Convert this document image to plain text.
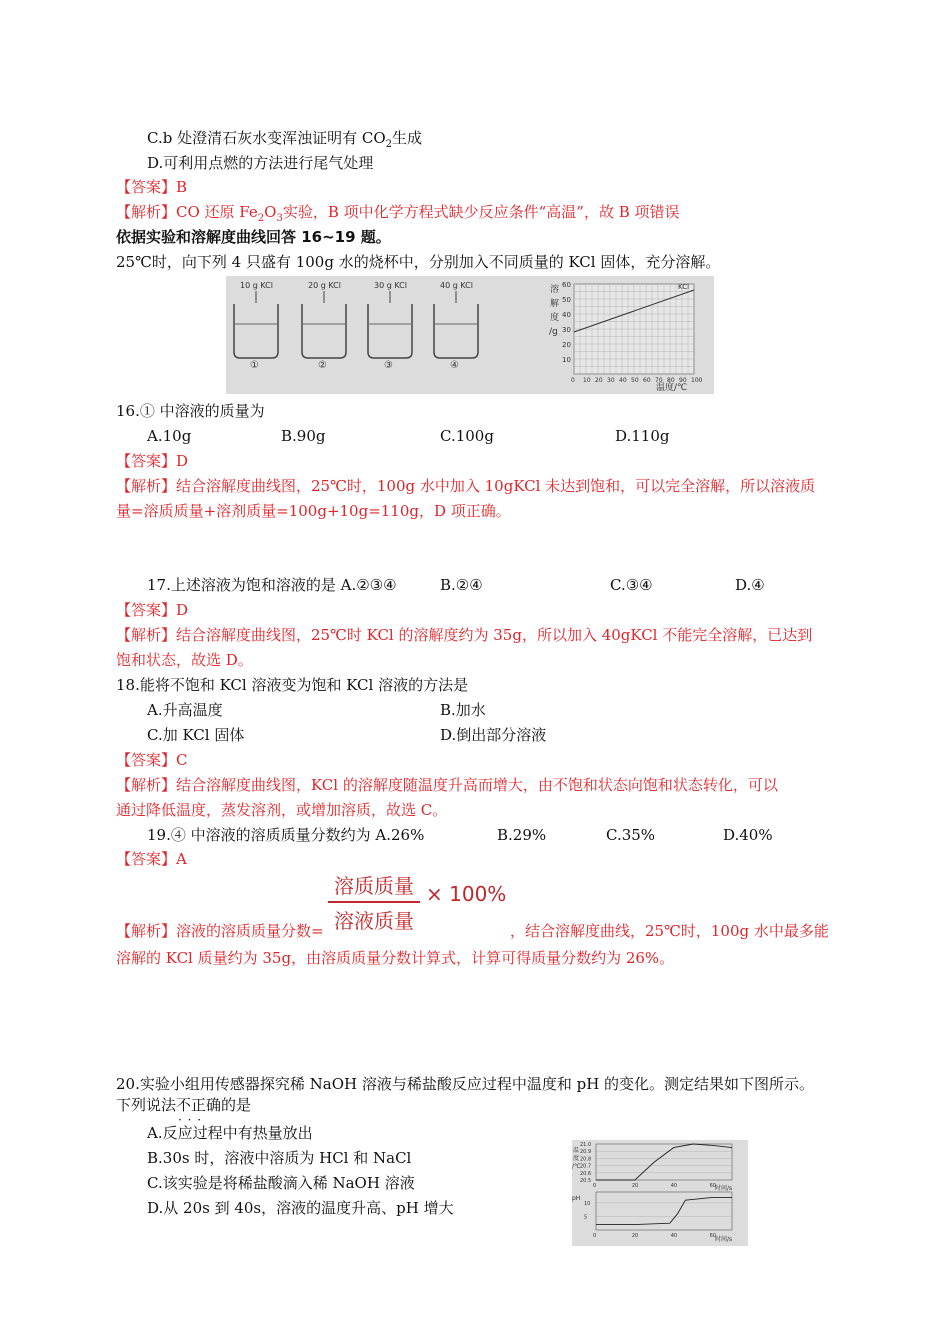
C.b 处澄清石灰水变浑浊证明有 $CO_2$生成
D.可利用点燃的方法进行尾气处理
【答案】B
【解析】CO 还原 $Fe_2O_3$实验，B 项中化学方程式缺少反应条件“高温”，故 B 项错误
依据实验和溶解度曲线回答 16~19 题。
25℃时，向下列 4 只盛有 100g 水的烧杯中，分别加入不同质量的 KCl 固体，充分溶解。
10 g KCl
①
20 g KCl
②
30 g KCl
③
40 g KCl
④
溶
解
度
/g
温度/℃
10
20
30
40
50
60
0 10 20 30 40 50 60 70 80 90 100
KCl
16.① 中溶液的质量为
A.10g	B.90g	C.100g	D.110g
【答案】D
【解析】结合溶解度曲线图，25℃时，100g 水中加入 10gKCl 未达到饱和，可以完全溶解，所以溶液质
量=溶质质量+溶剂质量=100g+10g=110g，D 项正确。
17.上述溶液为饱和溶液的是 A.②③④	B.②④	C.③④	D.④
【答案】D
【解析】结合溶解度曲线图，25℃时 KCl 的溶解度约为 35g，所以加入 40gKCl 不能完全溶解，已达到
饱和状态，故选 D。
18.能将不饱和 KCl 溶液变为饱和 KCl 溶液的方法是
A.升高温度	B.加水
C.加 KCl 固体	D.倒出部分溶液
【答案】C
【解析】结合溶解度曲线图，KCl 的溶解度随温度升高而增大，由不饱和状态向饱和状态转化，可以
通过降低温度，蒸发溶剂，或增加溶质，故选 C。
19.④ 中溶液的溶质质量分数约为 A.26%	B.29%	C.35%	D.40%
【答案】A
溶质质量
溶液质量
× 100%
【解析】溶液的溶质质量分数=	，结合溶解度曲线，25℃时，100g 水中最多能
溶解的 KCl 质量约为 35g，由溶质质量分数计算式，计算可得质量分数约为 26%。
20.实验小组用传感器探究稀 NaOH 溶液与稀盐酸反应过程中温度和 pH 的变化。测定结果如下图所示。
下列说法不正确 · · ·的是
A.反应过程中有热量放出
B.30s 时，溶液中溶质为 HCl 和 NaCl
C.该实验是将稀盐酸滴入稀 NaOH 溶液
D.从 20s 到 40s，溶液的温度升高、pH 增大
温
度
/℃
pH
时间/s
时间/s
21.0
20.9
20.8
20.7
20.6
20.5
0	20	40	60
10
5
0	20	40	60
